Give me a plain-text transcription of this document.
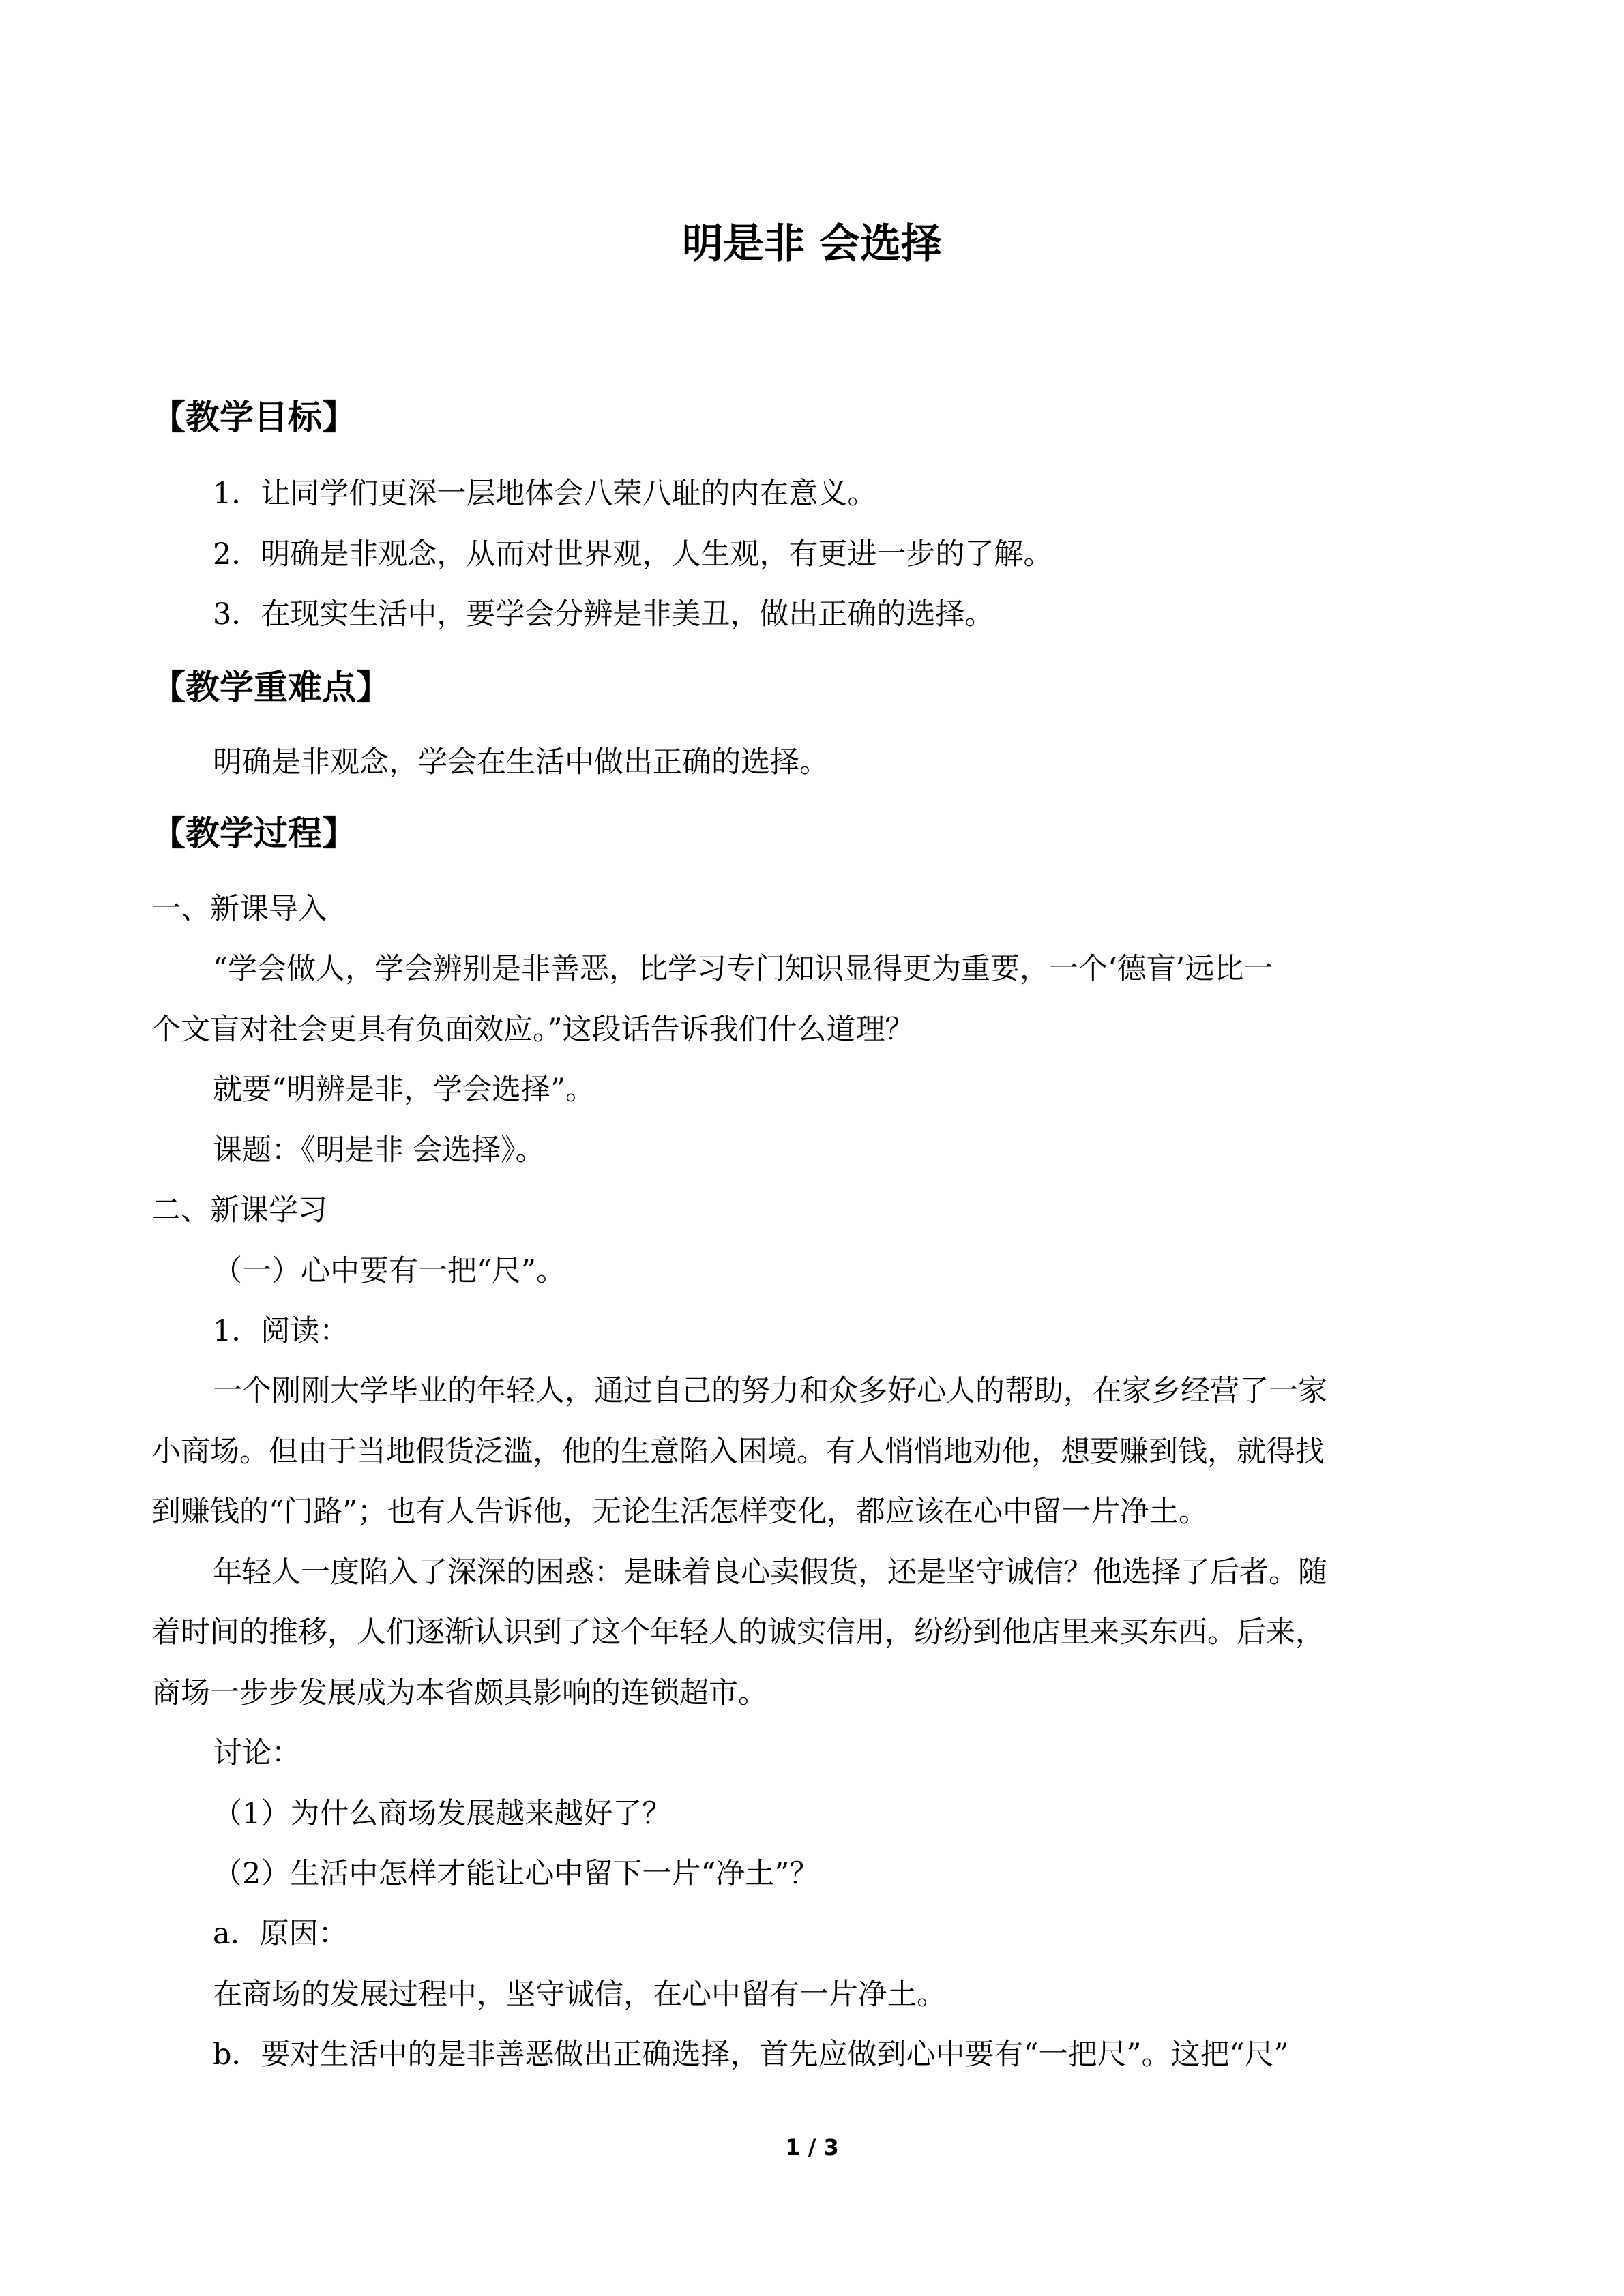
明是非 会选择
【教学目标】
1．让同学们更深一层地体会八荣八耻的内在意义。
2．明确是非观念，从而对世界观，人生观，有更进一步的了解。
3．在现实生活中，要学会分辨是非美丑，做出正确的选择。
【教学重难点】
明确是非观念，学会在生活中做出正确的选择。
【教学过程】
一、新课导入
“学会做人，学会辨别是非善恶，比学习专门知识显得更为重要，一个‘德盲’远比一
个文盲对社会更具有负面效应。”这段话告诉我们什么道理？
就要“明辨是非，学会选择”。
课题：《明是非 会选择》。
二、新课学习
（一）心中要有一把“尺”。
1．阅读：
一个刚刚大学毕业的年轻人，通过自己的努力和众多好心人的帮助，在家乡经营了一家
小商场。但由于当地假货泛滥，他的生意陷入困境。有人悄悄地劝他，想要赚到钱，就得找
到赚钱的“门路”；也有人告诉他，无论生活怎样变化，都应该在心中留一片净土。
年轻人一度陷入了深深的困惑：是昧着良心卖假货，还是坚守诚信？他选择了后者。随
着时间的推移，人们逐渐认识到了这个年轻人的诚实信用，纷纷到他店里来买东西。后来，
商场一步步发展成为本省颇具影响的连锁超市。
讨论：
（1）为什么商场发展越来越好了？
（2）生活中怎样才能让心中留下一片“净土”？
a．原因：
在商场的发展过程中，坚守诚信，在心中留有一片净土。
b．要对生活中的是非善恶做出正确选择，首先应做到心中要有“一把尺”。这把“尺”
1 / 3
